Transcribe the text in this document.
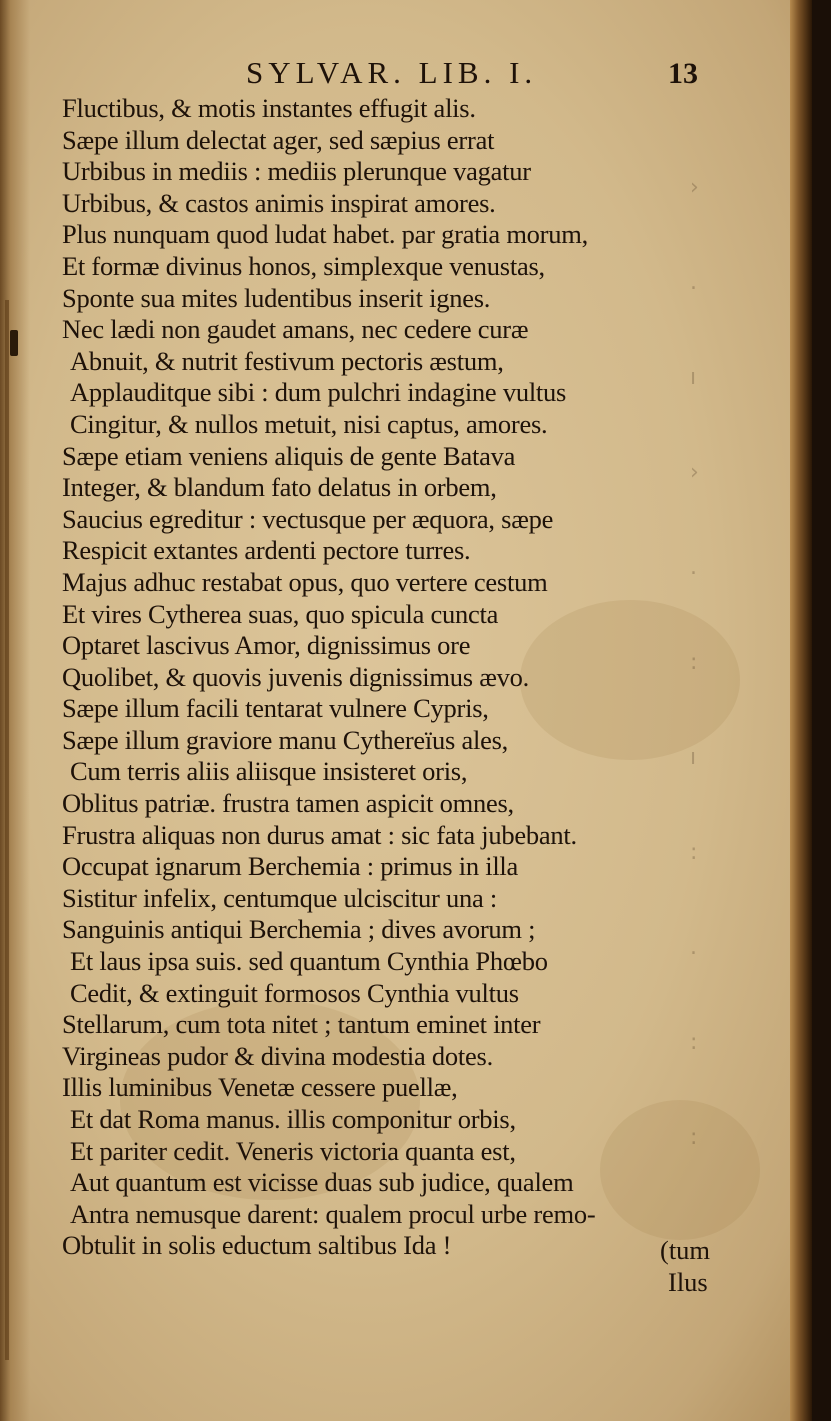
›
.
ı
›
.
:
ı
:
.
:
:
SYLVAR. LIB. I.	13
Fluctibus, & motis instantes effugit alis.
Sæpe illum delectat ager, sed sæpius errat
Urbibus in mediis : mediis plerunque vagatur
Urbibus, & castos animis inspirat amores.
Plus nunquam quod ludat habet. par gratia morum,
Et formæ divinus honos, simplexque venustas,
Sponte sua mites ludentibus inserit ignes.
Nec lædi non gaudet amans, nec cedere curæ
Abnuit, & nutrit festivum pectoris æstum,
Applauditque sibi : dum pulchri indagine vultus
Cingitur, & nullos metuit, nisi captus, amores.
Sæpe etiam veniens aliquis de gente Batava
Integer, & blandum fato delatus in orbem,
Saucius egreditur : vectusque per æquora, sæpe
Respicit extantes ardenti pectore turres.
Majus adhuc restabat opus, quo vertere cestum
Et vires Cytherea suas, quo spicula cuncta
Optaret lascivus Amor, dignissimus ore
Quolibet, & quovis juvenis dignissimus ævo.
Sæpe illum facili tentarat vulnere Cypris,
Sæpe illum graviore manu Cythereïus ales,
Cum terris aliis aliisque insisteret oris,
Oblitus patriæ. frustra tamen aspicit omnes,
Frustra aliquas non durus amat : sic fata jubebant.
Occupat ignarum Berchemia : primus in illa
Sistitur infelix, centumque ulciscitur una :
Sanguinis antiqui Berchemia ; dives avorum ;
Et laus ipsa suis. sed quantum Cynthia Phœbo
Cedit, & extinguit formosos Cynthia vultus
Stellarum, cum tota nitet ; tantum eminet inter
Virgineas pudor & divina modestia dotes.
Illis luminibus Venetæ cessere puellæ,
Et dat Roma manus. illis componitur orbis,
Et pariter cedit. Veneris victoria quanta est,
Aut quantum est vicisse duas sub judice, qualem
Antra nemusque darent: qualem procul urbe remo-
Obtulit in solis eductum saltibus Ida !	(tum
Ilus
